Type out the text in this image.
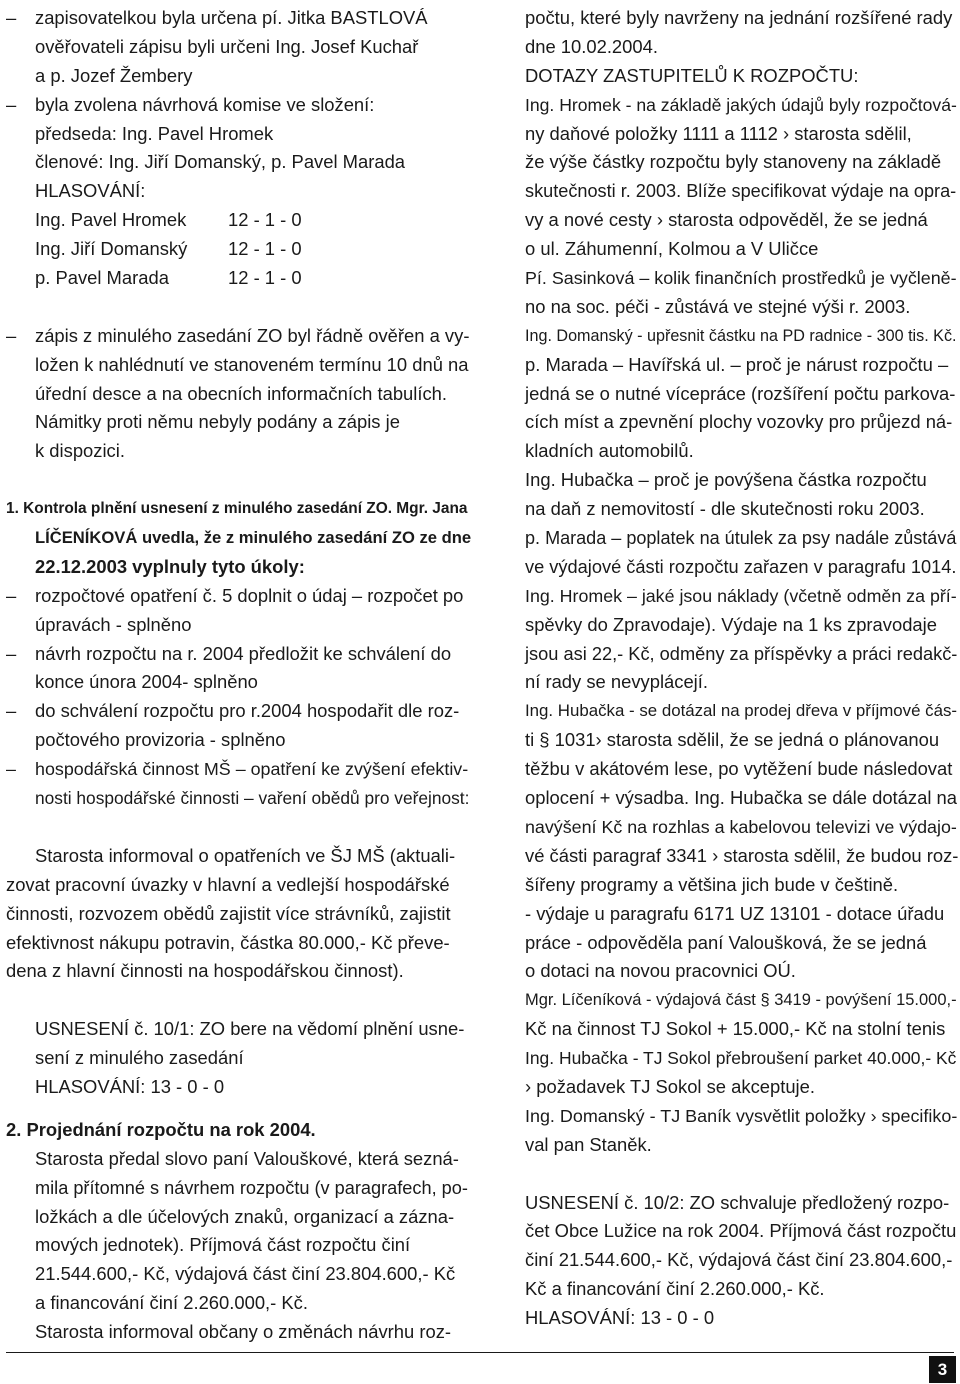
– zapisovatelkou byla určena pí. Jitka BASTLOVÁ
ověřovateli zápisu byli určeni Ing. Josef Kuchař
a p. Jozef Žembery
– byla zvolena návrhová komise ve složení:
předseda: Ing. Pavel Hromek
členové: Ing. Jiří Domanský, p. Pavel Marada
HLASOVÁNÍ:
Ing. Pavel Hromek	12 - 1 - 0
Ing. Jiří Domanský	12 - 1 - 0
p. Pavel Marada	12 - 1 - 0
– zápis z minulého zasedání ZO byl řádně ověřen a vy-
ložen k nahlédnutí ve stanoveném termínu 10 dnů na
úřední desce a na obecních informačních tabulích.
Námitky proti němu nebyly podány a zápis je
k dispozici.
1. Kontrola plnění usnesení z minulého zasedání ZO. Mgr. Jana
LÍČENÍKOVÁ uvedla, že z minulého zasedání ZO ze dne
22.12.2003 vyplnuly tyto úkoly:
– rozpočtové opatření č. 5 doplnit o údaj – rozpočet po
úpravách - splněno
– návrh rozpočtu na r. 2004 předložit ke schválení do
konce února 2004- splněno
– do schválení rozpočtu pro r.2004 hospodařit dle roz-
počtového provizoria - splněno
– hospodářská činnost MŠ – opatření ke zvýšení efektiv-
nosti hospodářské činnosti – vaření obědů pro veřejnost:
Starosta informoval o opatřeních ve ŠJ MŠ (aktuali-
zovat pracovní úvazky v hlavní a vedlejší hospodářské
činnosti, rozvozem obědů zajistit více strávníků, zajistit
efektivnost nákupu potravin, částka 80.000,- Kč převe-
dena z hlavní činnosti na hospodářskou činnost).
USNESENÍ č. 10/1: ZO bere na vědomí plnění usne-
sení z minulého zasedání
HLASOVÁNÍ: 13 - 0 - 0
2. Projednání rozpočtu na rok 2004.
Starosta předal slovo paní Valouškové, která sezná-
mila přítomné s návrhem rozpočtu (v paragrafech, po-
ložkách a dle účelových znaků, organizací a zázna-
mových jednotek). Příjmová část rozpočtu činí
21.544.600,- Kč, výdajová část činí 23.804.600,- Kč
a financování činí 2.260.000,- Kč.
Starosta informoval občany o změnách návrhu roz-
počtu, které byly navrženy na jednání rozšířené rady
dne 10.02.2004.
DOTAZY ZASTUPITELŮ K ROZPOČTU:
Ing. Hromek - na základě jakých údajů byly rozpočtová-
ny daňové položky 1111 a 1112 › starosta sdělil,
že výše částky rozpočtu byly stanoveny na základě
skutečnosti r. 2003. Blíže specifikovat výdaje na opra-
vy a nové cesty › starosta odpověděl, že se jedná
o ul. Záhumenní, Kolmou a V Uličce
Pí. Sasinková – kolik finančních prostředků je vyčleně-
no na soc. péči - zůstává ve stejné výši r. 2003.
Ing. Domanský - upřesnit částku na PD radnice - 300 tis. Kč.
p. Marada – Havířská ul. – proč je nárust rozpočtu –
jedná se o nutné vícepráce (rozšíření počtu parkova-
cích míst a zpevnění plochy vozovky pro průjezd ná-
kladních automobilů.
Ing. Hubačka – proč je povýšena částka rozpočtu
na daň z nemovitostí - dle skutečnosti roku 2003.
p. Marada – poplatek na útulek za psy nadále zůstává
ve výdajové části rozpočtu zařazen v paragrafu 1014.
Ing. Hromek – jaké jsou náklady (včetně odměn za pří-
spěvky do Zpravodaje). Výdaje na 1 ks zpravodaje
jsou asi 22,- Kč, odměny za příspěvky a práci redakč-
ní rady se nevyplácejí.
Ing. Hubačka - se dotázal na prodej dřeva v příjmové čás-
ti § 1031› starosta sdělil, že se jedná o plánovanou
těžbu v akátovém lese, po vytěžení bude následovat
oplocení + výsadba. Ing. Hubačka se dále dotázal na
navýšení Kč na rozhlas a kabelovou televizi ve výdajo-
vé části paragraf 3341 › starosta sdělil, že budou roz-
šířeny programy a většina jich bude v češtině.
- výdaje u paragrafu 6171 UZ 13101 - dotace úřadu
práce - odpověděla paní Valoušková, že se jedná
o dotaci na novou pracovnici OÚ.
Mgr. Líčeníková - výdajová část § 3419 - povýšení 15.000,-
Kč na činnost TJ Sokol + 15.000,- Kč na stolní tenis
Ing. Hubačka - TJ Sokol přebroušení parket 40.000,- Kč
› požadavek TJ Sokol se akceptuje.
Ing. Domanský - TJ Baník vysvětlit položky › specifiko-
val pan Staněk.
USNESENÍ č. 10/2: ZO schvaluje předložený rozpo-
čet Obce Lužice na rok 2004. Příjmová část rozpočtu
činí 21.544.600,- Kč, výdajová část činí 23.804.600,-
Kč a financování činí 2.260.000,- Kč.
HLASOVÁNÍ: 13 - 0 - 0
3
